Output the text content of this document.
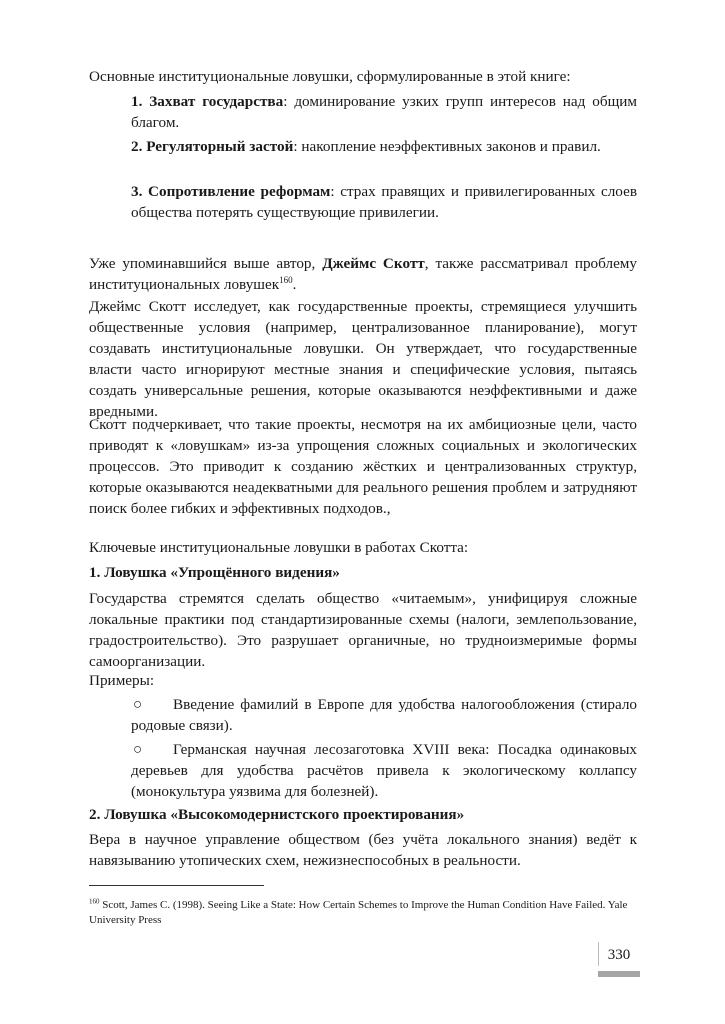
Основные институциональные ловушки, сформулированные в этой книге:

1. Захват государства: доминирование узких групп интересов над общим благом.

2. Регуляторный застой: накопление неэффективных законов и правил.

3. Сопротивление реформам: страх правящих и привилегированных слоев общества потерять существующие привилегии.

Уже упоминавшийся выше автор, Джеймс Скотт, также рассматривал проблему институциональных ловушек$^{160}$.

Джеймс Скотт исследует, как государственные проекты, стремящиеся улучшить общественные условия (например, централизованное планирование), могут создавать институциональные ловушки. Он утверждает, что государственные власти часто игнорируют местные знания и специфические условия, пытаясь создать универсальные решения, которые оказываются неэффективными и даже вредными.

Скотт подчеркивает, что такие проекты, несмотря на их амбициозные цели, часто приводят к «ловушкам» из-за упрощения сложных социальных и экологических процессов. Это приводит к созданию жёстких и централизованных структур, которые оказываются неадекватными для реального решения проблем и затрудняют поиск более гибких и эффективных подходов.,

Ключевые институциональные ловушки в работах Скотта:

1. Ловушка «Упрощённого видения»

Государства стремятся сделать общество «читаемым», унифицируя сложные локальные практики под стандартизированные схемы (налоги, землепользование, градостроительство). Это разрушает органичные, но трудноизмеримые формы самоорганизации.

Примеры:

○ Введение фамилий в Европе для удобства налогообложения (стирало родовые связи).

○ Германская научная лесозаготовка XVIII века: Посадка одинаковых деревьев для удобства расчётов привела к экологическому коллапсу (монокультура уязвима для болезней).

2. Ловушка «Высокомодернистского проектирования»

Вера в научное управление обществом (без учёта локального знания) ведёт к навязыванию утопических схем, нежизнеспособных в реальности.

$^{160}$ Scott, James C. (1998). Seeing Like a State: How Certain Schemes to Improve the Human Condition Have Failed. Yale University Press

330
